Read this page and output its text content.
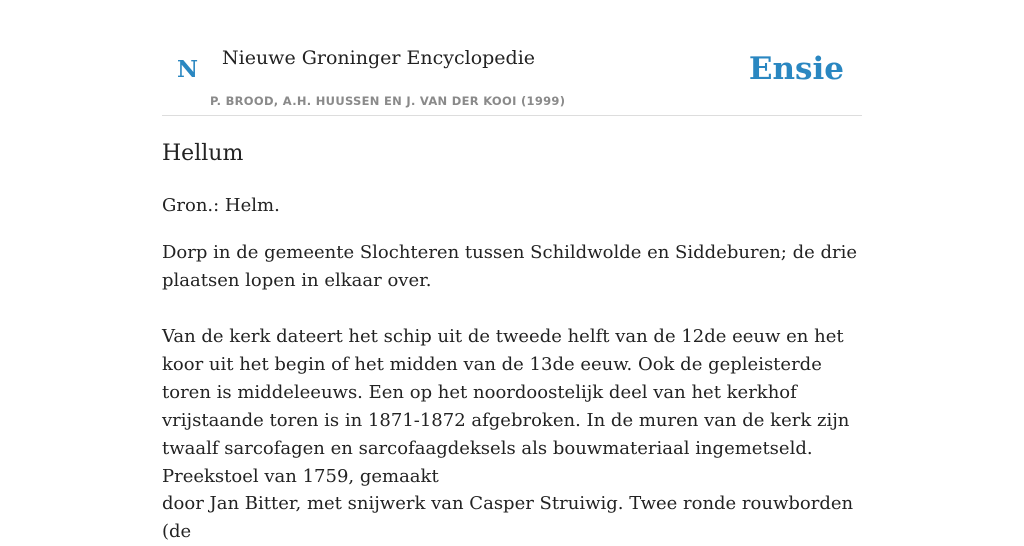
N Nieuwe Groninger Encyclopedie
P. BROOD, A.H. HUUSSEN EN J. VAN DER KOOI (1999)
Ensie
Hellum

Gron.: Helm.

Dorp in de gemeente Slochteren tussen Schildwolde en Siddeburen; de drie plaatsen lopen in elkaar over.

Van de kerk dateert het schip uit de tweede helft van de 12de eeuw en het koor uit het begin of het midden van de 13de eeuw. Ook de gepleisterde toren is middeleeuws. Een op het noordoostelijk deel van het kerkhof vrijstaande toren is in 1871-1872 afgebroken. In de muren van de kerk zijn twaalf sarcofagen en sarcofaagdeksels als bouwmateriaal ingemetseld. Preekstoel van 1759, gemaakt

door Jan Bitter, met snijwerk van Casper Struiwig. Twee ronde rouwborden (de
